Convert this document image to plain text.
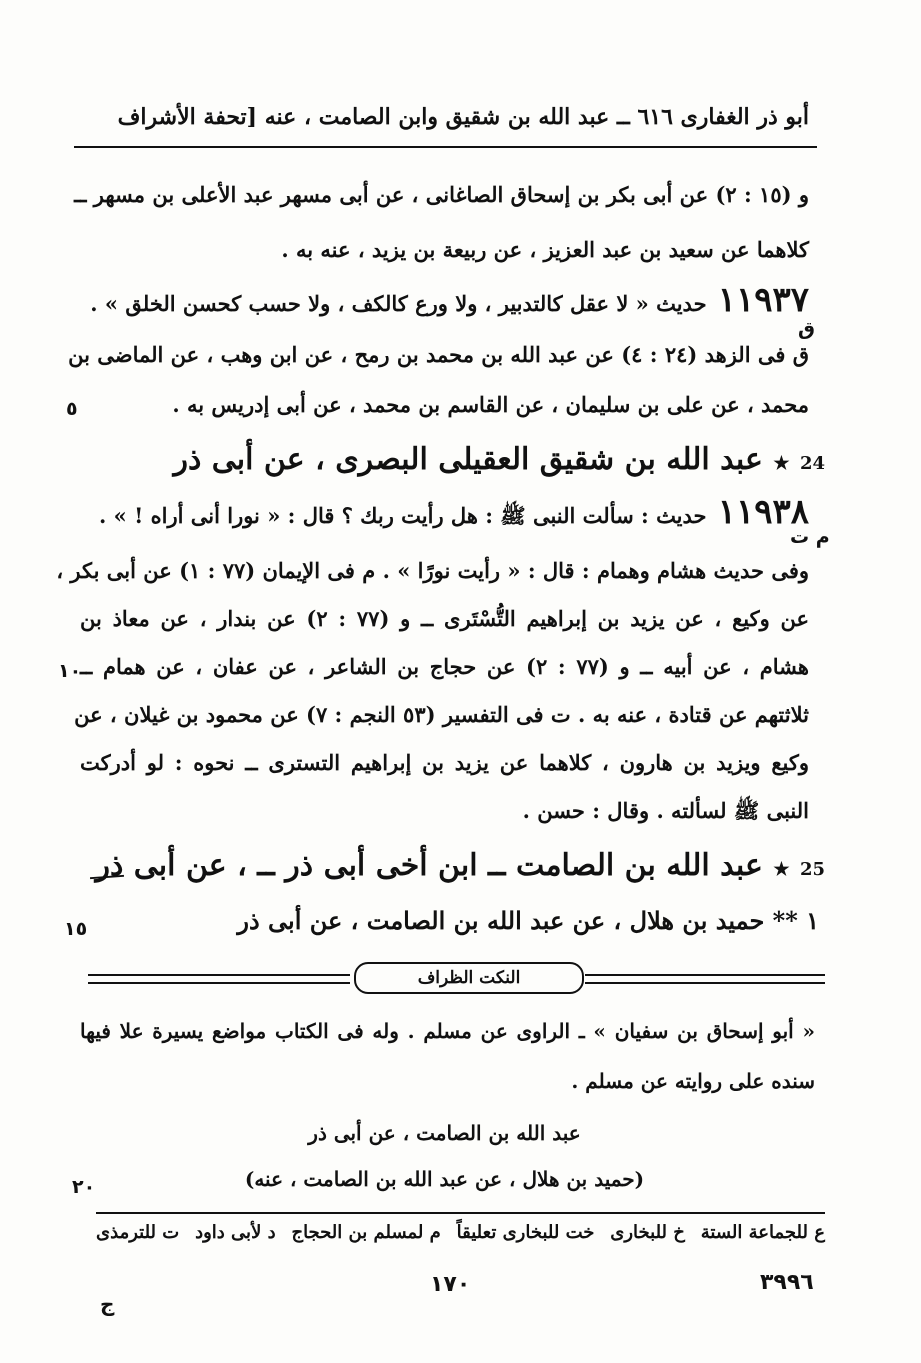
أبو ذر الغفارى ٦١٦ ــ عبد الله بن شقيق وابن الصامت ، عنه [تحفة الأشراف
و (١٥ : ٢) عن أبى بكر بن إسحاق الصاغانى ، عن أبى مسهر عبد الأعلى بن مسهر ــ
كلاهما عن سعيد بن عبد العزيز ، عن ربيعة بن يزيد ، عنه به .
١١٩٣٧ حديث « لا عقل كالتدبير ، ولا ورع كالكف ، ولا حسب كحسن الخلق » .
ق
ق فى الزهد (٢٤ : ٤) عن عبد الله بن محمد بن رمح ، عن ابن وهب ، عن الماضى بن
محمد ، عن على بن سليمان ، عن القاسم بن محمد ، عن أبى إدريس به .
٥
24 ★ عبد الله بن شقيق العقيلى البصرى ، عن أبى ذر
١١٩٣٨ حديث : سألت النبى ﷺ : هل رأيت ربك ؟ قال : « نورا أنى أراه ! » .
م ت
وفى حديث هشام وهمام : قال : « رأيت نورًا » . م فى الإيمان (٧٧ : ١) عن أبى بكر ،
عن وكيع ، عن يزيد بن إبراهيم التُّسْتَرى ــ و (٧٧ : ٢) عن بندار ، عن معاذ بن
هشام ، عن أبيه ــ و (٧٧ : ٢) عن حجاج بن الشاعر ، عن عفان ، عن همام ــ
١٠
ثلاثتهم عن قتادة ، عنه به . ت فى التفسير (٥٣ النجم : ٧) عن محمود بن غيلان ، عن
وكيع ويزيد بن هارون ، كلاهما عن يزيد بن إبراهيم التسترى ــ نحوه : لو أدركت
النبى ﷺ لسألته . وقال : حسن .
25 ★ عبد الله بن الصامت ــ ابن أخى أبى ذر ــ ، عن أبى ذر
١ ** حميد بن هلال ، عن عبد الله بن الصامت ، عن أبى ذر
١٥
النكت الظراف
« أبو إسحاق بن سفيان » ـ الراوى عن مسلم . وله فى الكتاب مواضع يسيرة علا فيها
سنده على روايته عن مسلم .
عبد الله بن الصامت ، عن أبى ذر
(حميد بن هلال ، عن عبد الله بن الصامت ، عنه)
٢٠
ع للجماعة الستة
خ للبخارى
خت للبخارى تعليقاً
م لمسلم بن الحجاج
د لأبى داود
ت للترمذى
٣٩٩٦
١٧٠
ج
